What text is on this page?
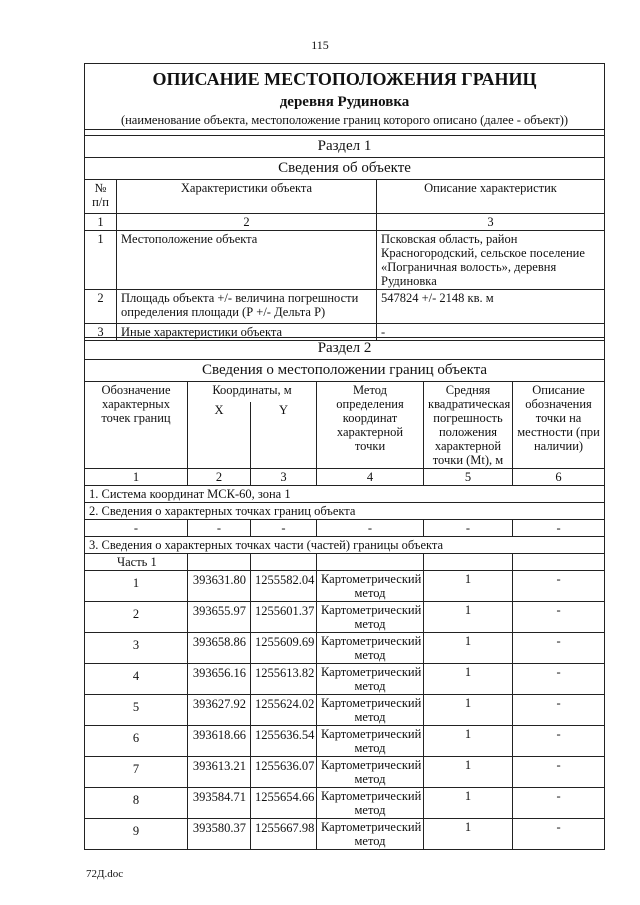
115
ОПИСАНИЕ МЕСТОПОЛОЖЕНИЯ ГРАНИЦ		
деревня Рудиновка		
(наименование объекта, местоположение границ которого описано (далее - объект))		

Раздел 1		
Сведения об объекте		
№ п/п	Характеристики объекта	Описание характеристик
1	2	3
1	Местоположение объекта	Псковская область, район Красногородский, сельское поселение «Пограничная волость», деревня Рудиновка
2	Площадь объекта +/- величина погрешности определения площади (Р +/- Дельта Р)	547824 +/- 2148 кв. м
3	Иные характеристики объекта	-
Раздел 2					
Сведения о местоположении границ объекта					
Обозначение характерных точек границ	Координаты, м		Метод определения координат характерной точки	Средняя квадратическая погрешность положения характерной точки (Mt), м	Описание обозначения точки на местности (при наличии)
	X	Y			
1	2	3	4	5	6
1. Система координат МСК-60, зона 1					
2. Сведения о характерных точках границ объекта					
-	-	-	-	-	-
3. Сведения о характерных точках части (частей) границы объекта					
Часть 1					
1	393631.80	1255582.04	Картометрический метод	1	-
2	393655.97	1255601.37	Картометрический метод	1	-
3	393658.86	1255609.69	Картометрический метод	1	-
4	393656.16	1255613.82	Картометрический метод	1	-
5	393627.92	1255624.02	Картометрический метод	1	-
6	393618.66	1255636.54	Картометрический метод	1	-
7	393613.21	1255636.07	Картометрический метод	1	-
8	393584.71	1255654.66	Картометрический метод	1	-
9	393580.37	1255667.98	Картометрический метод	1	-
72Д.doc
